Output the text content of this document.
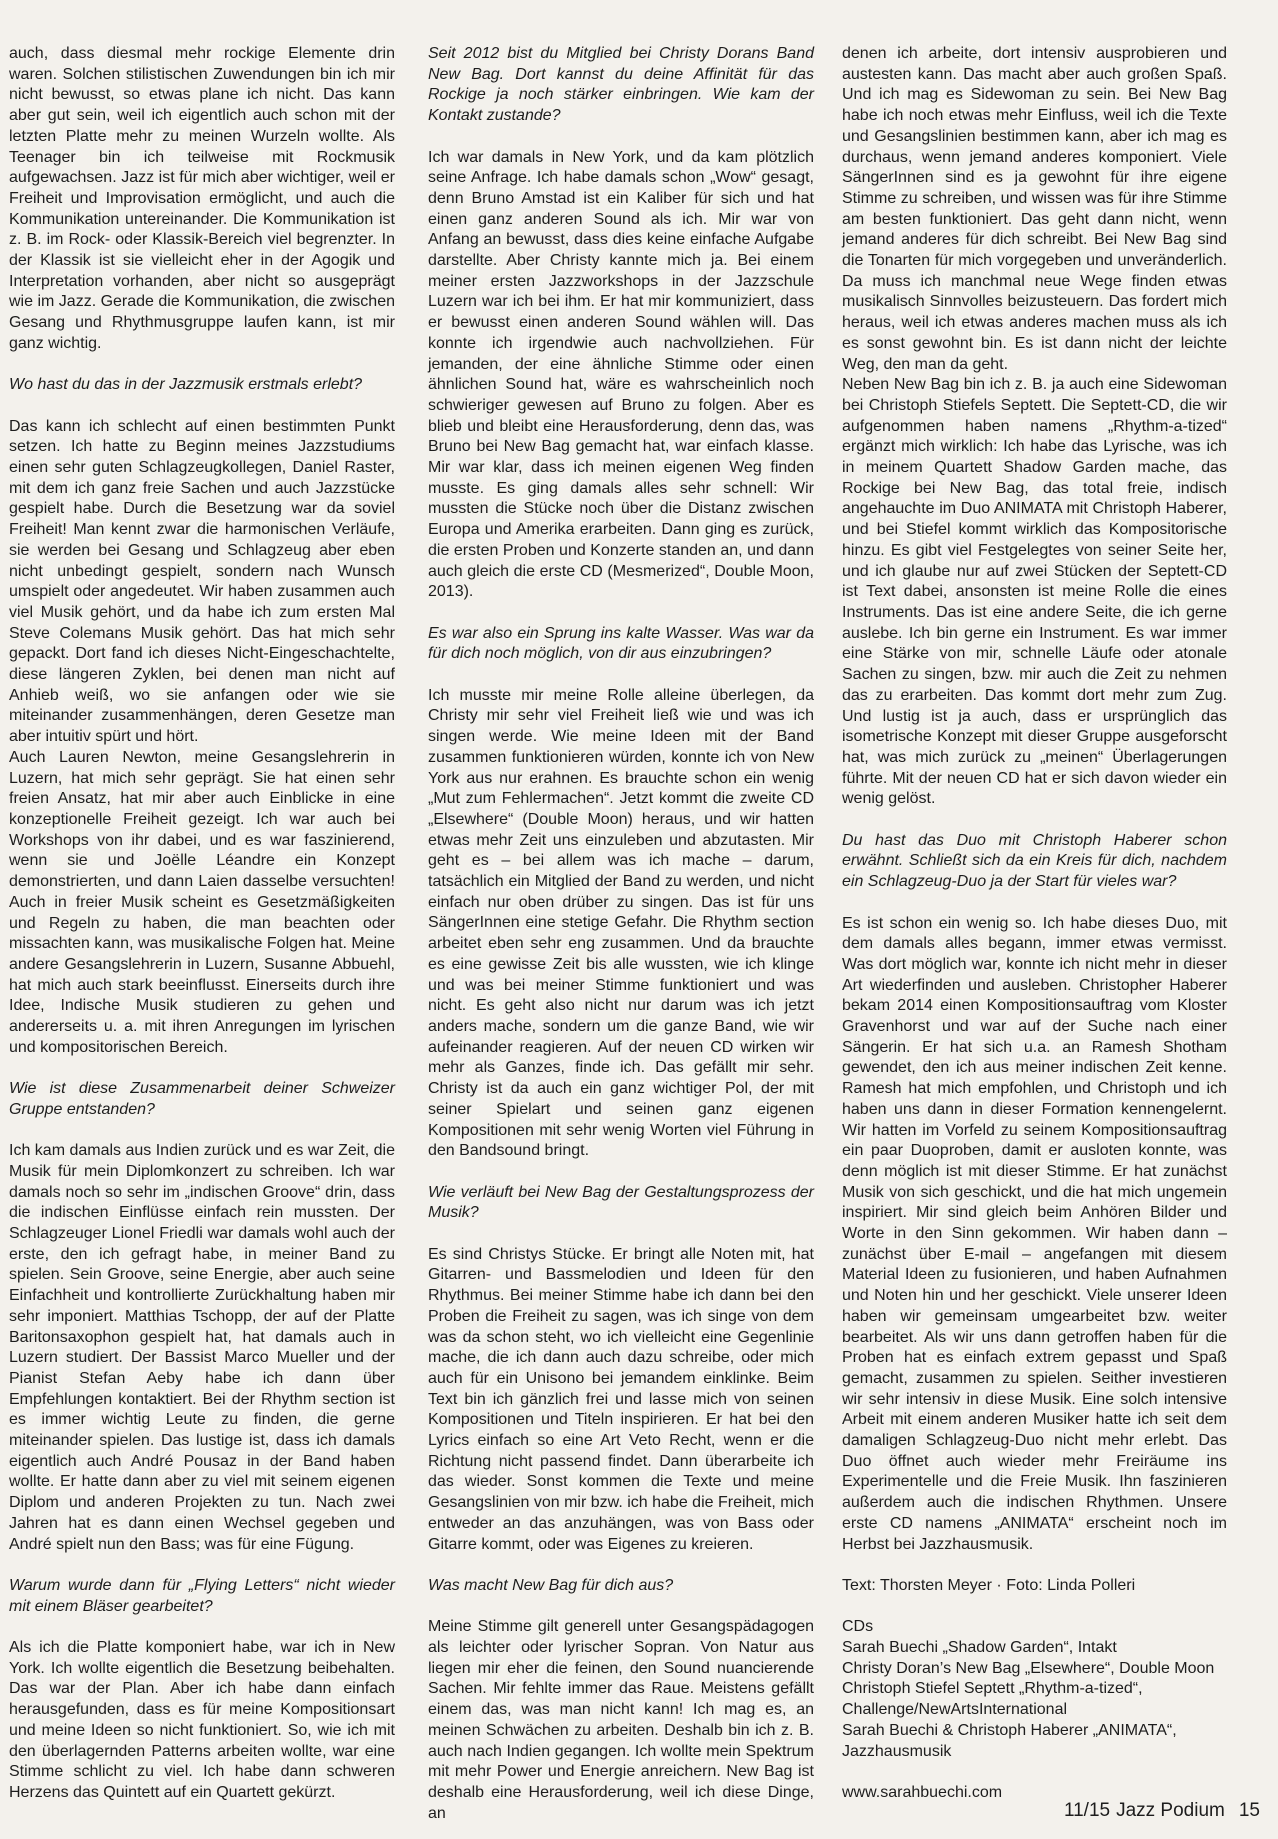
auch, dass diesmal mehr rockige Elemente drin waren. Solchen stilistischen Zuwendungen bin ich mir nicht bewusst, so etwas plane ich nicht. Das kann aber gut sein, weil ich eigentlich auch schon mit der letzten Platte mehr zu meinen Wurzeln wollte. Als Teenager bin ich teilweise mit Rockmusik aufgewachsen. Jazz ist für mich aber wichtiger, weil er Freiheit und Improvisation ermöglicht, und auch die Kommunikation untereinander. Die Kommunikation ist z. B. im Rock- oder Klassik-Bereich viel begrenzter. In der Klassik ist sie vielleicht eher in der Agogik und Interpretation vorhanden, aber nicht so ausgeprägt wie im Jazz. Gerade die Kommunikation, die zwischen Gesang und Rhythmusgruppe laufen kann, ist mir ganz wichtig.

Wo hast du das in der Jazzmusik erstmals erlebt?

Das kann ich schlecht auf einen bestimmten Punkt setzen. Ich hatte zu Beginn meines Jazzstudiums einen sehr guten Schlagzeugkollegen, Daniel Raster, mit dem ich ganz freie Sachen und auch Jazzstücke gespielt habe. Durch die Besetzung war da soviel Freiheit! Man kennt zwar die harmonischen Verläufe, sie werden bei Gesang und Schlagzeug aber eben nicht unbedingt gespielt, sondern nach Wunsch umspielt oder angedeutet. Wir haben zusammen auch viel Musik gehört, und da habe ich zum ersten Mal Steve Colemans Musik gehört. Das hat mich sehr gepackt. Dort fand ich dieses Nicht-Eingeschachtelte, diese längeren Zyklen, bei denen man nicht auf Anhieb weiß, wo sie anfangen oder wie sie miteinander zusammenhängen, deren Gesetze man aber intuitiv spürt und hört.

Auch Lauren Newton, meine Gesangslehrerin in Luzern, hat mich sehr geprägt. Sie hat einen sehr freien Ansatz, hat mir aber auch Einblicke in eine konzeptionelle Freiheit gezeigt. Ich war auch bei Workshops von ihr dabei, und es war faszinierend, wenn sie und Joëlle Léandre ein Konzept demonstrierten, und dann Laien dasselbe versuchten! Auch in freier Musik scheint es Gesetzmäßigkeiten und Regeln zu haben, die man beachten oder missachten kann, was musikalische Folgen hat. Meine andere Gesangslehrerin in Luzern, Susanne Abbuehl, hat mich auch stark beeinflusst. Einerseits durch ihre Idee, Indische Musik studieren zu gehen und andererseits u. a. mit ihren Anregungen im lyrischen und kompositorischen Bereich.

Wie ist diese Zusammenarbeit deiner Schweizer Gruppe entstanden?

Ich kam damals aus Indien zurück und es war Zeit, die Musik für mein Diplomkonzert zu schreiben. Ich war damals noch so sehr im „indischen Groove“ drin, dass die indischen Einflüsse einfach rein mussten. Der Schlagzeuger Lionel Friedli war damals wohl auch der erste, den ich gefragt habe, in meiner Band zu spielen. Sein Groove, seine Energie, aber auch seine Einfachheit und kontrollierte Zurückhaltung haben mir sehr imponiert. Matthias Tschopp, der auf der Platte Baritonsaxophon gespielt hat, hat damals auch in Luzern studiert. Der Bassist Marco Mueller und der Pianist Stefan Aeby habe ich dann über Empfehlungen kontaktiert. Bei der Rhythm section ist es immer wichtig Leute zu finden, die gerne miteinander spielen. Das lustige ist, dass ich damals eigentlich auch André Pousaz in der Band haben wollte. Er hatte dann aber zu viel mit seinem eigenen Diplom und anderen Projekten zu tun. Nach zwei Jahren hat es dann einen Wechsel gegeben und André spielt nun den Bass; was für eine Fügung.

Warum wurde dann für „Flying Letters“ nicht wieder mit einem Bläser gearbeitet?

Als ich die Platte komponiert habe, war ich in New York. Ich wollte eigentlich die Besetzung beibehalten. Das war der Plan. Aber ich habe dann einfach herausgefunden, dass es für meine Kompositionsart und meine Ideen so nicht funktioniert. So, wie ich mit den überlagernden Patterns arbeiten wollte, war eine Stimme schlicht zu viel. Ich habe dann schweren Herzens das Quintett auf ein Quartett gekürzt.

Seit 2012 bist du Mitglied bei Christy Dorans Band New Bag. Dort kannst du deine Affinität für das Rockige ja noch stärker einbringen. Wie kam der Kontakt zustande?

Ich war damals in New York, und da kam plötzlich seine Anfrage. Ich habe damals schon „Wow“ gesagt, denn Bruno Amstad ist ein Kaliber für sich und hat einen ganz anderen Sound als ich. Mir war von Anfang an bewusst, dass dies keine einfache Aufgabe darstellte. Aber Christy kannte mich ja. Bei einem meiner ersten Jazzworkshops in der Jazzschule Luzern war ich bei ihm. Er hat mir kommuniziert, dass er bewusst einen anderen Sound wählen will. Das konnte ich irgendwie auch nachvollziehen. Für jemanden, der eine ähnliche Stimme oder einen ähnlichen Sound hat, wäre es wahrscheinlich noch schwieriger gewesen auf Bruno zu folgen. Aber es blieb und bleibt eine Herausforderung, denn das, was Bruno bei New Bag gemacht hat, war einfach klasse. Mir war klar, dass ich meinen eigenen Weg finden musste. Es ging damals alles sehr schnell: Wir mussten die Stücke noch über die Distanz zwischen Europa und Amerika erarbeiten. Dann ging es zurück, die ersten Proben und Konzerte standen an, und dann auch gleich die erste CD (Mesmerized“, Double Moon, 2013).

Es war also ein Sprung ins kalte Wasser. Was war da für dich noch möglich, von dir aus einzubringen?

Ich musste mir meine Rolle alleine überlegen, da Christy mir sehr viel Freiheit ließ wie und was ich singen werde. Wie meine Ideen mit der Band zusammen funktionieren würden, konnte ich von New York aus nur erahnen. Es brauchte schon ein wenig „Mut zum Fehlermachen“. Jetzt kommt die zweite CD „Elsewhere“ (Double Moon) heraus, und wir hatten etwas mehr Zeit uns einzuleben und abzutasten. Mir geht es – bei allem was ich mache – darum, tatsächlich ein Mitglied der Band zu werden, und nicht einfach nur oben drüber zu singen. Das ist für uns SängerInnen eine stetige Gefahr. Die Rhythm section arbeitet eben sehr eng zusammen. Und da brauchte es eine gewisse Zeit bis alle wussten, wie ich klinge und was bei meiner Stimme funktioniert und was nicht. Es geht also nicht nur darum was ich jetzt anders mache, sondern um die ganze Band, wie wir aufeinander reagieren. Auf der neuen CD wirken wir mehr als Ganzes, finde ich. Das gefällt mir sehr. Christy ist da auch ein ganz wichtiger Pol, der mit seiner Spielart und seinen ganz eigenen Kompositionen mit sehr wenig Worten viel Führung in den Bandsound bringt.

Wie verläuft bei New Bag der Gestaltungsprozess der Musik?

Es sind Christys Stücke. Er bringt alle Noten mit, hat Gitarren- und Bassmelodien und Ideen für den Rhythmus. Bei meiner Stimme habe ich dann bei den Proben die Freiheit zu sagen, was ich singe von dem was da schon steht, wo ich vielleicht eine Gegenlinie mache, die ich dann auch dazu schreibe, oder mich auch für ein Unisono bei jemandem einklinke. Beim Text bin ich gänzlich frei und lasse mich von seinen Kompositionen und Titeln inspirieren. Er hat bei den Lyrics einfach so eine Art Veto Recht, wenn er die Richtung nicht passend findet. Dann überarbeite ich das wieder. Sonst kommen die Texte und meine Gesangslinien von mir bzw. ich habe die Freiheit, mich entweder an das anzuhängen, was von Bass oder Gitarre kommt, oder was Eigenes zu kreieren.

Was macht New Bag für dich aus?

Meine Stimme gilt generell unter Gesangspädagogen als leichter oder lyrischer Sopran. Von Natur aus liegen mir eher die feinen, den Sound nuancierende Sachen. Mir fehlte immer das Raue. Meistens gefällt einem das, was man nicht kann! Ich mag es, an meinen Schwächen zu arbeiten. Deshalb bin ich z. B. auch nach Indien gegangen. Ich wollte mein Spektrum mit mehr Power und Energie anreichern. New Bag ist deshalb eine Herausforderung, weil ich diese Dinge, an

denen ich arbeite, dort intensiv ausprobieren und austesten kann. Das macht aber auch großen Spaß. Und ich mag es Sidewoman zu sein. Bei New Bag habe ich noch etwas mehr Einfluss, weil ich die Texte und Gesangslinien bestimmen kann, aber ich mag es durchaus, wenn jemand anderes komponiert. Viele SängerInnen sind es ja gewohnt für ihre eigene Stimme zu schreiben, und wissen was für ihre Stimme am besten funktioniert. Das geht dann nicht, wenn jemand anderes für dich schreibt. Bei New Bag sind die Tonarten für mich vorgegeben und unveränderlich. Da muss ich manchmal neue Wege finden etwas musikalisch Sinnvolles beizusteuern. Das fordert mich heraus, weil ich etwas anderes machen muss als ich es sonst gewohnt bin. Es ist dann nicht der leichte Weg, den man da geht.

Neben New Bag bin ich z. B. ja auch eine Sidewoman bei Christoph Stiefels Septett. Die Septett-CD, die wir aufgenommen haben namens „Rhythm-a-tized“ ergänzt mich wirklich: Ich habe das Lyrische, was ich in meinem Quartett Shadow Garden mache, das Rockige bei New Bag, das total freie, indisch angehauchte im Duo ANIMATA mit Christoph Haberer, und bei Stiefel kommt wirklich das Kompositorische hinzu. Es gibt viel Festgelegtes von seiner Seite her, und ich glaube nur auf zwei Stücken der Septett-CD ist Text dabei, ansonsten ist meine Rolle die eines Instruments. Das ist eine andere Seite, die ich gerne auslebe. Ich bin gerne ein Instrument. Es war immer eine Stärke von mir, schnelle Läufe oder atonale Sachen zu singen, bzw. mir auch die Zeit zu nehmen das zu erarbeiten. Das kommt dort mehr zum Zug. Und lustig ist ja auch, dass er ursprünglich das isometrische Konzept mit dieser Gruppe ausgeforscht hat, was mich zurück zu „meinen“ Überlagerungen führte. Mit der neuen CD hat er sich davon wieder ein wenig gelöst.

Du hast das Duo mit Christoph Haberer schon erwähnt. Schließt sich da ein Kreis für dich, nachdem ein Schlagzeug-Duo ja der Start für vieles war?

Es ist schon ein wenig so. Ich habe dieses Duo, mit dem damals alles begann, immer etwas vermisst. Was dort möglich war, konnte ich nicht mehr in dieser Art wiederfinden und ausleben. Christopher Haberer bekam 2014 einen Kompositionsauftrag vom Kloster Gravenhorst und war auf der Suche nach einer Sängerin. Er hat sich u.a. an Ramesh Shotham gewendet, den ich aus meiner indischen Zeit kenne. Ramesh hat mich empfohlen, und Christoph und ich haben uns dann in dieser Formation kennengelernt. Wir hatten im Vorfeld zu seinem Kompositionsauftrag ein paar Duoproben, damit er ausloten konnte, was denn möglich ist mit dieser Stimme. Er hat zunächst Musik von sich geschickt, und die hat mich ungemein inspiriert. Mir sind gleich beim Anhören Bilder und Worte in den Sinn gekommen. Wir haben dann – zunächst über E-mail – angefangen mit diesem Material Ideen zu fusionieren, und haben Aufnahmen und Noten hin und her geschickt. Viele unserer Ideen haben wir gemeinsam umgearbeitet bzw. weiter bearbeitet. Als wir uns dann getroffen haben für die Proben hat es einfach extrem gepasst und Spaß gemacht, zusammen zu spielen. Seither investieren wir sehr intensiv in diese Musik. Eine solch intensive Arbeit mit einem anderen Musiker hatte ich seit dem damaligen Schlagzeug-Duo nicht mehr erlebt. Das Duo öffnet auch wieder mehr Freiräume ins Experimentelle und die Freie Musik. Ihn faszinieren außerdem auch die indischen Rhythmen. Unsere erste CD namens „ANIMATA“ erscheint noch im Herbst bei Jazzhausmusik.

Text: Thorsten Meyer · Foto: Linda Polleri

CDs

Sarah Buechi „Shadow Garden“, Intakt

Christy Doran’s New Bag „Elsewhere“, Double Moon

Christoph Stiefel Septett „Rhythm-a-tized“,

Challenge/NewArtsInternational

Sarah Buechi & Christoph Haberer „ANIMATA“,

Jazzhausmusik

www.sarahbuechi.com

11/15 Jazz Podium 15
